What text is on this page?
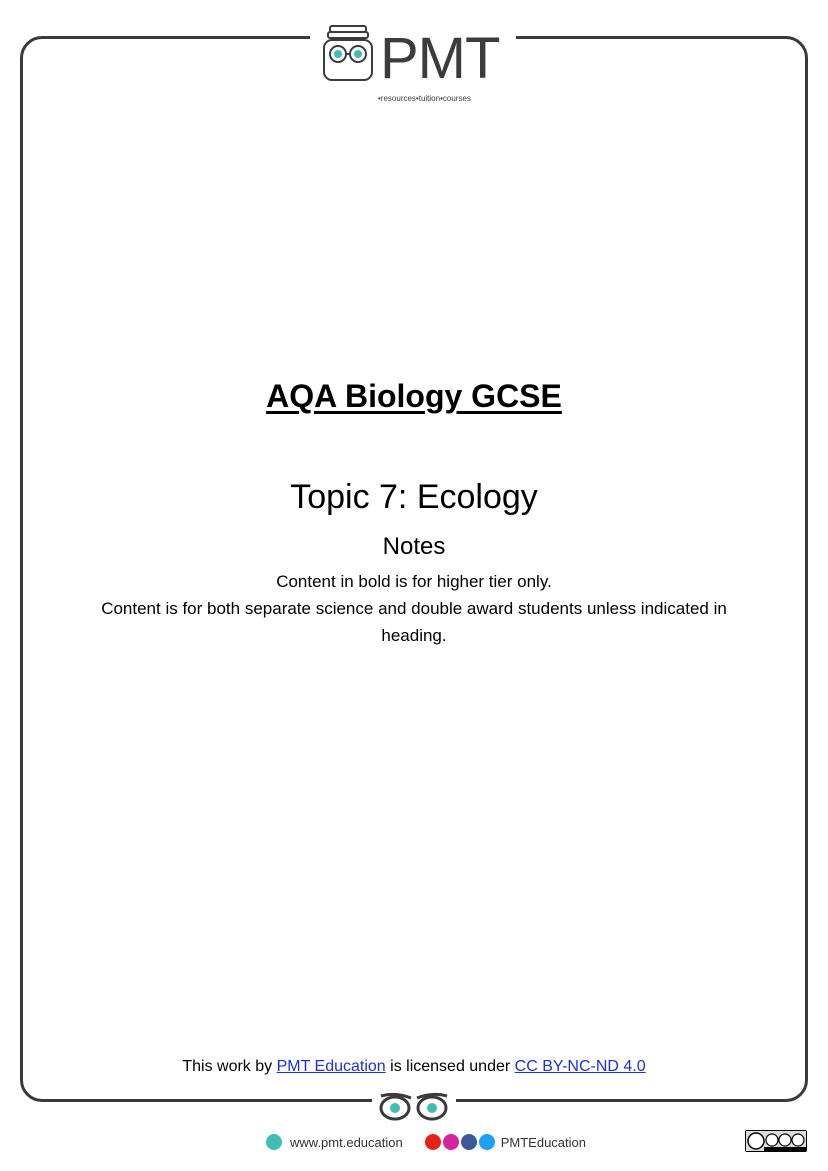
PMT
•resources•tuition•courses
AQA Biology GCSE
Topic 7: Ecology
Notes
Content in bold is for higher tier only.
Content is for both separate science and double award students unless indicated in heading.
This work by PMT Education is licensed under CC BY-NC-ND 4.0
www.pmt.education	PMTEducation
